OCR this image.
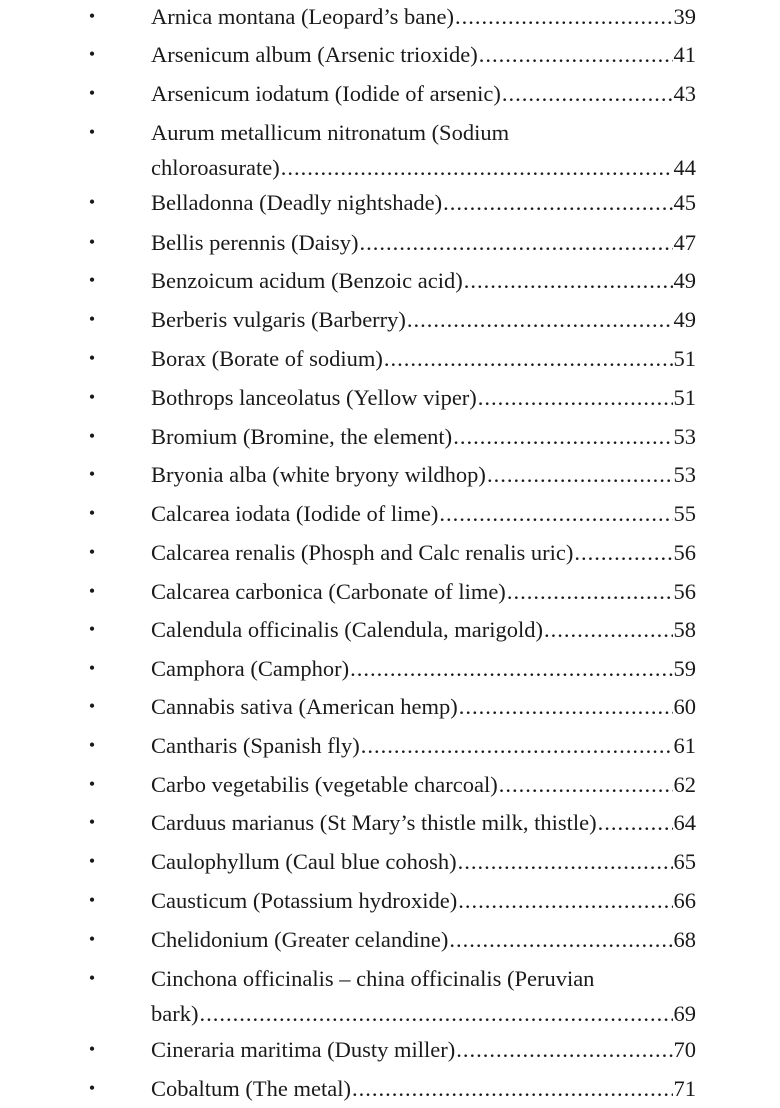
• Arnica montana (Leopard’s bane) .....	39
• Arsenicum album (Arsenic trioxide) .....	41
• Arsenicum iodatum (Iodide of arsenic) .....	43
• Aurum metallicum nitronatum (Sodium
chloroasurate) .....	44
• Belladonna (Deadly nightshade) .....	45
• Bellis perennis (Daisy) .....	47
• Benzoicum acidum (Benzoic acid) .....	49
• Berberis vulgaris (Barberry) .....	49
• Borax (Borate of sodium) .....	51
• Bothrops lanceolatus (Yellow viper) .....	51
• Bromium (Bromine, the element) .....	53
• Bryonia alba (white bryony wildhop) .....	53
• Calcarea iodata (Iodide of lime) .....	55
• Calcarea renalis (Phosph and Calc renalis uric) .....	56
• Calcarea carbonica (Carbonate of lime) .....	56
• Calendula officinalis (Calendula, marigold) .....	58
• Camphora (Camphor) .....	59
• Cannabis sativa (American hemp) .....	60
• Cantharis (Spanish fly) .....	61
• Carbo vegetabilis (vegetable charcoal) .....	62
• Carduus marianus (St Mary’s thistle milk, thistle) .....	64
• Caulophyllum (Caul blue cohosh) .....	65
• Causticum (Potassium hydroxide) .....	66
• Chelidonium (Greater celandine) .....	68
• Cinchona officinalis – china officinalis (Peruvian
bark) .....	69
• Cineraria maritima (Dusty miller) .....	70
• Cobaltum (The metal) .....	71
